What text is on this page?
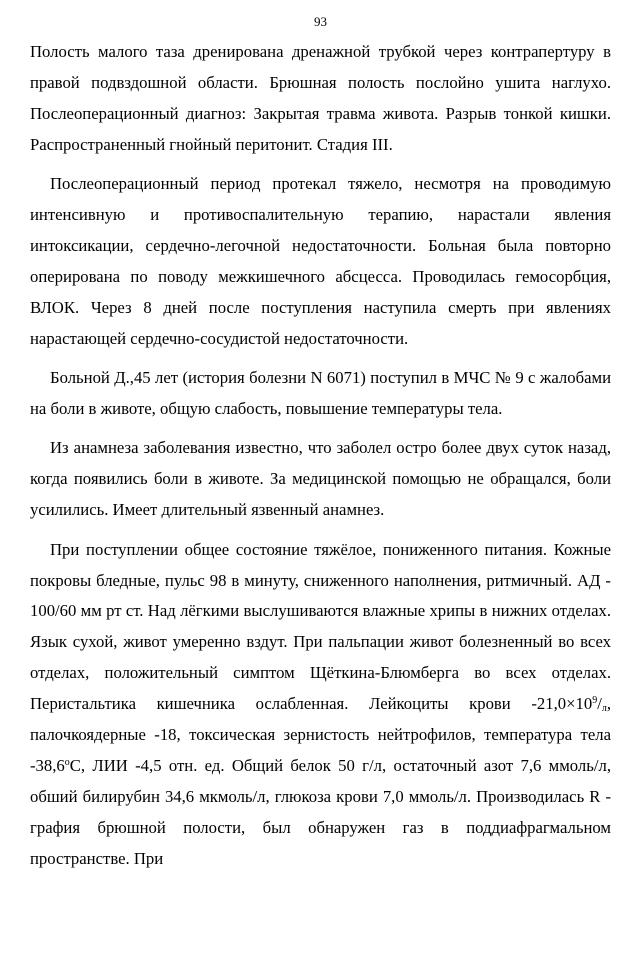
93

Полость малого таза дренирована дренажной трубкой через контрапертуру в правой подвздошной области. Брюшная полость послойно ушита наглухо. Послеоперационный диагноз: Закрытая травма живота. Разрыв тонкой кишки. Распространенный гнойный перитонит. Стадия III.

Послеоперационный период протекал тяжело, несмотря на проводимую интенсивную и противоспалительную терапию, нарастали явления интоксикации, сердечно-легочной недостаточности. Больная была повторно оперирована по поводу межкишечного абсцесса. Проводилась гемосорбция, ВЛОК. Через 8 дней после поступления наступила смерть при явлениях нарастающей сердечно-сосудистой недостаточности.

Больной Д.,45 лет (история болезни N 6071) поступил в МЧС № 9 с жалобами на боли в животе, общую слабость, повышение температуры тела.

Из анамнеза заболевания известно, что заболел остро более двух суток назад, когда появились боли в животе. За медицинской помощью не обращался, боли усилились. Имеет длительный язвенный анамнез.

При поступлении общее состояние тяжёлое, пониженного питания. Кожные покровы бледные, пульс 98 в минуту, сниженного наполнения, ритмичный. АД - 100/60 мм рт ст. Над лёгкими выслушиваются влажные хрипы в нижних отделах. Язык сухой, живот умеренно вздут. При пальпации живот болезненный во всех отделах, положительный симптом Щёткина-Блюмберга во всех отделах. Перистальтика кишечника ослабленная. Лейкоциты крови $-21,0\times 10^9/_л$, палочкоядерные -18, токсическая зернистость нейтрофилов, температура тела $-38,6^оС$, ЛИИ -4,5 отн. ед. Общий белок 50 г/л, остаточный азот 7,6 ммоль/л, обший билирубин 34,6 мкмоль/л, глюкоза крови 7,0 ммоль/л. Производилась R - графия брюшной полости, был обнаружен газ в поддиафрагмальном пространстве. При
